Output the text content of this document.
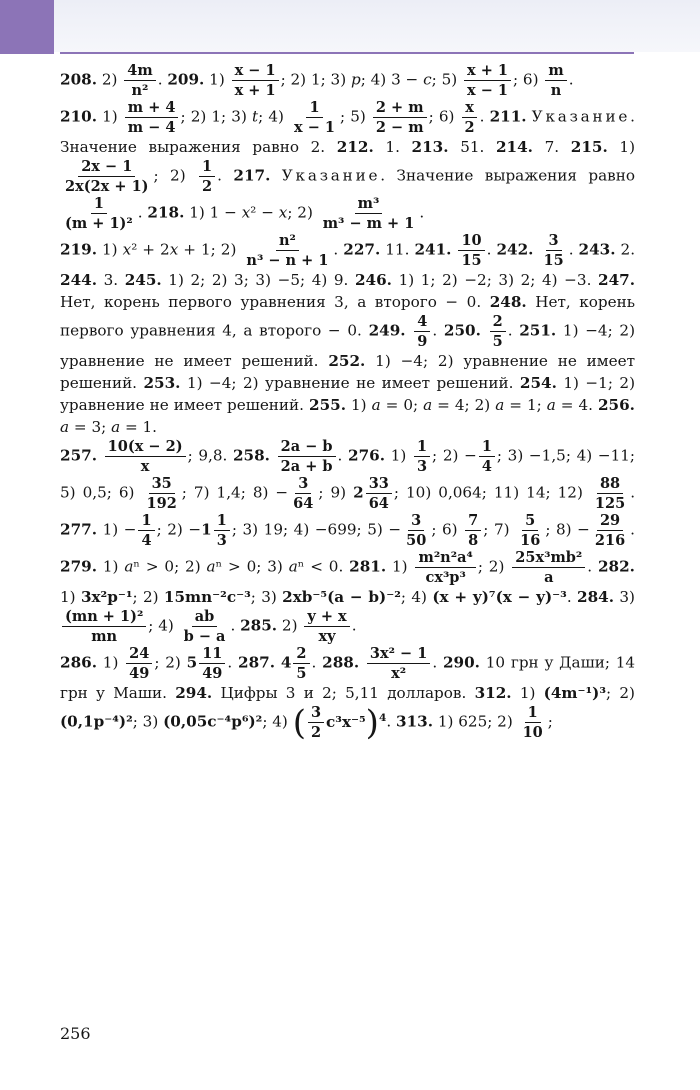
208. $2) \frac{4m}{\text{n²}}$ . 209. $1) \frac{x - 1}{x + 1}$ ; 2) 1; 3) p; 4) 3 − c; $5) \frac{x + 1}{x - 1}$ ; $6) \frac{m}{n}$ .

210. $1) \frac{m + 4}{m - 4}$ ; 2) 1; 3) t; $4) \frac{1}{x - 1}$ ; $5) \frac{2 + m}{2 - m}$ ; $6) \frac{x}{2}$ . 211. Указание. Значение выражения равно 2. 212. 1. 213. 51. 214. 7. 215. 1)
$\frac{2x - 1}{2x(2x + 1)}$ ; $2) \frac{1}{2}$ . 217. Указание. Значение выражения равно
$\frac{1}{\text{(m + 1)²}}$ . 218. 1) 1 − x² − x; $2) \frac{\text{m³}}{\text{m³ − m + 1}}$ .

219. 1) x² + 2x + 1; $2) \frac{\text{n²}}{\text{n³ − n + 1}}$ . 227. 11. 241. $\frac{10}{15}$ . 242. $\frac{3}{15}$ . 243. 2. 244. 3. 245. 1) 2; 2) 3; 3) −5; 4) 9. 246. 1) 1; 2) −2; 3) 2; 4) −3. 247. Нет, корень первого уравнения 3, а второго − 0. 248. Нет, корень первого уравнения 4, а второго − 0. 249. $\frac{4}{9}$ . 250. $\frac{2}{5}$ . 251. 1) −4; 2) уравнение не имеет решений. 252. 1) −4; 2) уравнение не имеет решений. 253. 1) −4; 2) уравнение не имеет решений. 254. 1) −1; 2) уравнение не имеет решений. 255. 1) a = 0; a = 4; 2) a = 1; a = 4. 256. a = 3; a = 1.

257. $\frac{10(x - 2)}{x}$ ; 9,8. 258. $\frac{2a - b}{2a + b}$ . 276. $1) \frac{1}{3}$ ; $2) - \frac{1}{4}$ ; 3) −1,5; 4) −11; 5) 0,5; $6) \frac{35}{192}$ ; 7) 1,4; $8) - \frac{3}{64}$ ; 9) $2 \frac{33}{64}$ ; 10) 0,064; 11) 14; $12) \frac{88}{125}$ . 277. $1) - \frac{1}{4}$ ; $2) -1 \frac{1}{3}$ ; 3) 19; 4) −699; $5) - \frac{3}{50}$ ; $6) \frac{7}{8}$ ; $7) \frac{5}{16}$ ; $8) - \frac{29}{216}$ . 279. 1) aⁿ > 0; 2) aⁿ > 0; 3) aⁿ < 0. 281. $1) \frac{\text{m²n²a⁴}}{\text{cx³p³}}$ ; $2) \frac{\text{25x³mb²}}{a}$ . 282. 1) 3x²p⁻¹; 2) 15mn⁻²c⁻³; 3) 2xb⁻⁵(a − b)⁻²; 4) (x + y)⁷(x − y)⁻³. 284. 3)
$\frac{\text{(mn + 1)²}}{mn}$ ; $4) \frac{ab}{b - a}$ . 285. $2) \frac{y + x}{xy}$ .

286. $1) \frac{24}{49}$ ; 2) $5 \frac{11}{49}$ . 287. $4 \frac{2}{5}$ . 288. $\frac{\text{3x² − 1}}{\text{x²}}$ . 290. 10 грн у Даши; 14 грн у Маши. 294. Цифры 3 и 2; 5,11 долларов. 312. 1) (4m⁻¹)³; 2) (0,1p⁻⁴)²; 3) (0,05c⁻⁴p⁶)²; 4) ( $\frac{3}{2} c^3x^{-5})^4$. 313. 1) 625; $2) \frac{1}{10}$ ;

256
